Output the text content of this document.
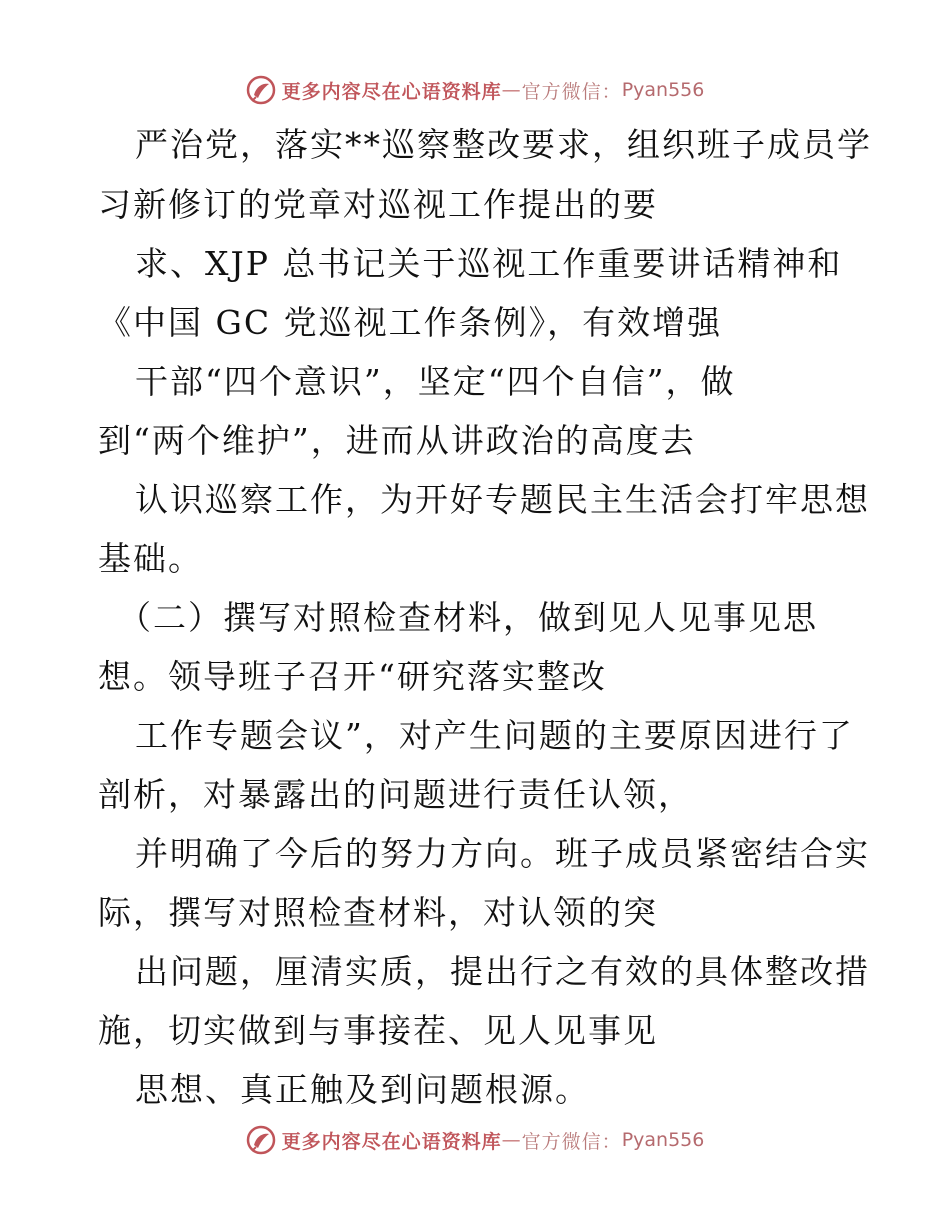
更多内容尽在心语资料库 — 官方微信： Pyan556
严治党，落实**巡察整改要求，组织班子成员学
习新修订的党章对巡视工作提出的要
求、XJP 总书记关于巡视工作重要讲话精神和
《中国 GC 党巡视工作条例》，有效增强
干部“四个意识”，坚定“四个自信”，做
到“两个维护”，进而从讲政治的高度去
认识巡察工作，为开好专题民主生活会打牢思想
基础。
（二）撰写对照检查材料，做到见人见事见思
想。领导班子召开“研究落实整改
工作专题会议”，对产生问题的主要原因进行了
剖析，对暴露出的问题进行责任认领，
并明确了今后的努力方向。班子成员紧密结合实
际，撰写对照检查材料，对认领的突
出问题，厘清实质，提出行之有效的具体整改措
施，切实做到与事接茬、见人见事见
思想、真正触及到问题根源。
更多内容尽在心语资料库 — 官方微信： Pyan556
